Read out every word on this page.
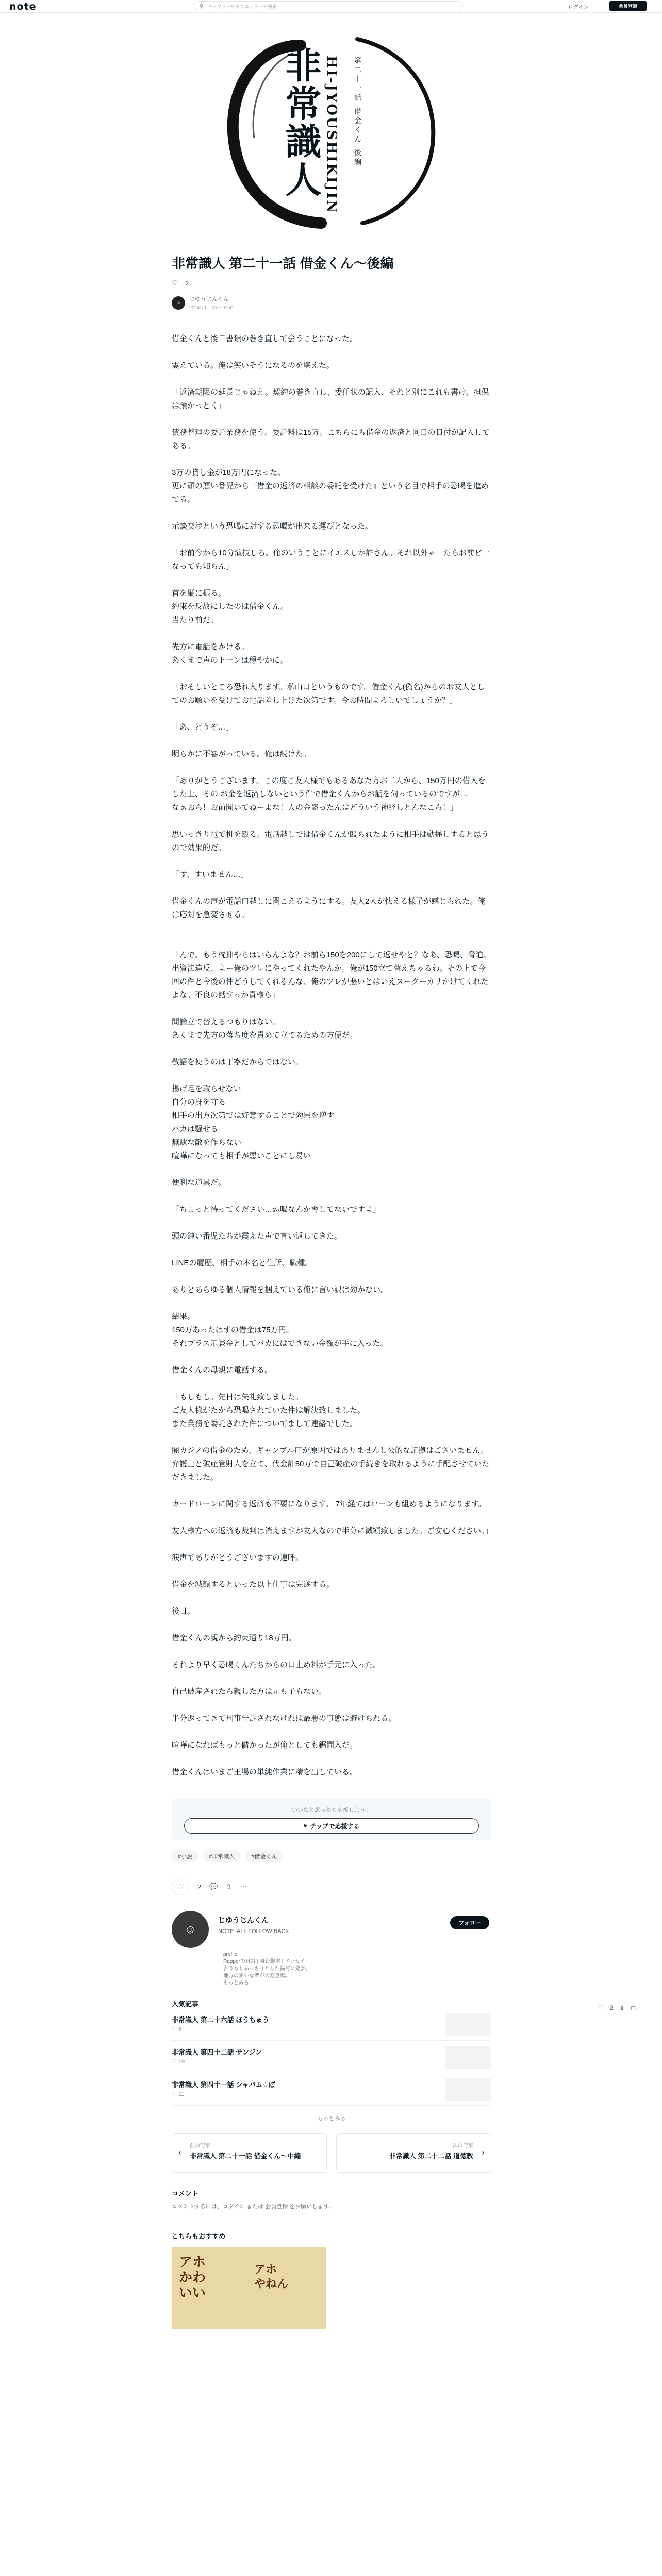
note	⚲ キーワードやクリエイターで検索	ログイン	会員登録
非常識人 HI-JYOUSHIKIJIN 第二十一話 借金くん 後編
非常識人 第二十一話 借金くん〜後編
♡ 2
☺
じゆうじんくん
2024年1月30日 07:41

借金くんと後日書類の巻き直しで会うことになった。

震えている。俺は笑いそうになるのを堪えた。

「返済期限の延長じゃねえ。契約の巻き直し、委任状の記入、それと別にこれも書け。担保は預かっとく」

債務整理の委託業務を使う。委託料は15万。こちらにも借金の返済と同日の日付が記入してある。

3万の貸し金が18万円になった。

更に頭の悪い番児から『借金の返済の相談の委託を受けた』という名目で相手の恐喝を進めてる。

示談交渉という恐喝に対する恐喝が出来る運びとなった。

「お前今から10分演技しろ。俺のいうことにイエスしか許さん。それ以外ゃ一たらお前ビ一なっても知らん」

首を縦に振る。

約束を反故にしたのは借金くん。

当たり前だ。

先方に電話をかける。

あくまで声のトーンは穏やかに。

「おそしいところ恐れ入ります。私山口というものです。借金くん(偽名)からのお友人としてのお願いを受けてお電話差し上げた次第です。今お時間よろしいでしょうか？」

「あ、どうぞ…」

明らかに不審がっている。俺は続けた。

「ありがとうございます。この度ご友人様でもあるあなた方お二人から、150万円の借入をした上、その お金を返済しないという件で借金くんからお話を伺っているのですが…

なぁおら！お前聞いてねーよな！人の金盗ったんはどういう神経しとんなこら！」

思いっきり電で机を殴る。電話越しでは借金くんが殴られたように相手は動揺しすると思うので効果的だ。

「す、すいません…」

借金くんの声が電話口越しに聞こえるようにする。友人2人が怯える様子が感じられた。俺は応対を急変させる。

「んで。もう枕抑やらはいらんよな？お前ら150を200にして返せやと？なあ、恐喝、脅迫、出資法違反、よー俺のツレにやってくれたやんか。俺が150立て替えちゃるわ。その上で今回の件と今後の件どうしてくれるんな、俺のツレが悪いとはいえヌーターカリかけてくれたよな。不良の話すっか責様ら」

問論立て替えるつもりはない。

あくまで先方の落ち度を責めて立てるための方便だ。

敬語を使うのは丁寧だからではない。

揚げ足を取らせない

自分の身を守る

相手の出方次第では好意することで効果を増す

バカは騒せる

無駄な敵を作らない

喧嘩になっても相手が悪いことにし易い

便利な道具だ。

「ちょっと待ってください…恐喝なんか脅してないですよ」

頭の鈍い番児たちが震えた声で言い返してきた。

LINEの履歴、相手の本名と住所、職種。

ありとあらゆる個人情報を掴えている俺に言い訳は効かない。

結果。

150万あったはずの借金は75万円。

それプラス示談金としてバカにはできない金額が手に入った。

借金くんの母親に電話する。

「もしもし。先日は失礼致しました。

ご友人様がたから恐喝されていた件は解決致しました。

また業務を委託された件についてまして連絡でした。

闇カジノの借金のため、ギャンブル圧が原因ではありませんし公的な証拠はございません。

弁護士と破産管財人を立て、代金計50万で自己破産の手続きを取れるように手配させていただきました。

カードローンに関する返済も不要になります。 7年経てばローンも組めるようになります。

友人様方への返済も裁判は消えますが友人なので半分に減額致しました。ご安心ください。」

涙声でありがとうございますの連呼。

借金を減額するといった以上仕事は完遂する。

後日。

借金くんの親から約束通り18万円。

それより早く恐喝くんたちからの口止め料が手元に入った。

自己破産されたら親した方は元も子もない。

半分返ってきて刑事告訴されなければ最悪の事態は避けられる。

喧嘩になればもっと儲かったが俺としても鋸問入だ。

借金くんはいまご王場の単純作業に精を出している。

いいなと思ったら応援しよう！
♥ チップで応援する
#小説	#非常識人	#借金くん
♡	2 💬 ⇧ ⋯
☺
じゆうじんくん
NOTE: ALL FOLLOW BACK
フォロー
profile:
Rapperの日常 | 舞台脚本 | エッセイ
言うもしあっさりとした描写に定評。
地方の素朴な者が大変登場。
もっとみる
人気記事
非常識人 第二十六話 ほうちゅう
♡ 6
非常識人 第四十二話 サンジン
♡ 19
非常識人 第四十一話 シャバム☆ぽ
♡ 11
もっとみる
‹
前の記事
非常識人 第二十一話 借金くん〜中編
次の記事
非常識人 第二十二話 道徳教 ›
コメント
コメントするには、ログイン または 会員登録 をお願いします。
こちらもおすすめ
アホ
かわ
いい
アホ
やねん
♡ 2 ⇧ ◻
